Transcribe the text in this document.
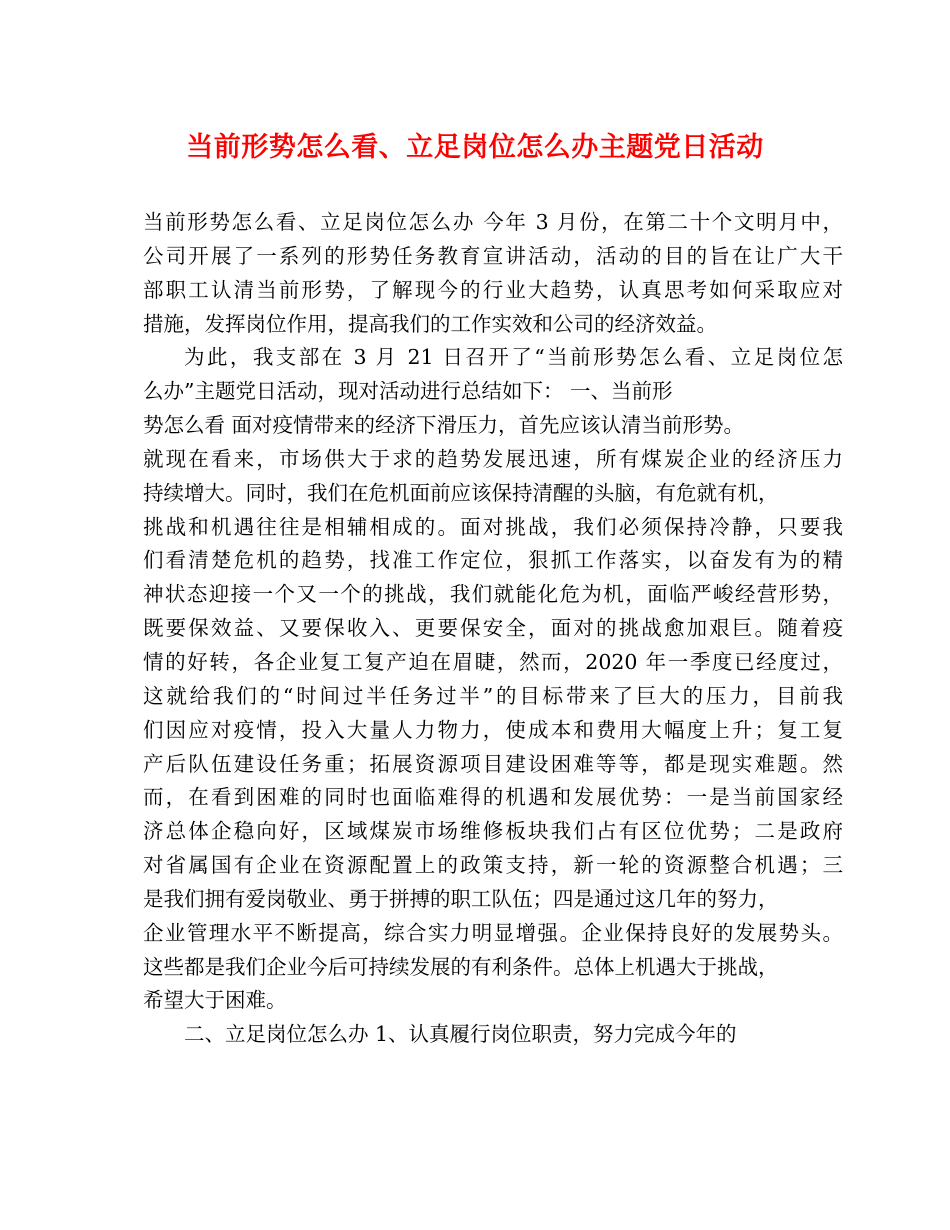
当前形势怎么看、立足岗位怎么办主题党日活动
当前形势怎么看、立足岗位怎么办 今年 3 月份，在第二十个文明月中，
公司开展了一系列的形势任务教育宣讲活动，活动的目的旨在让广大干
部职工认清当前形势，了解现今的行业大趋势，认真思考如何采取应对
措施，发挥岗位作用，提高我们的工作实效和公司的经济效益。
为此，我支部在 3 月 21 日召开了“当前形势怎么看、立足岗位怎
么办”主题党日活动，现对活动进行总结如下： 一、当前形
势怎么看 面对疫情带来的经济下滑压力，首先应该认清当前形势。
就现在看来，市场供大于求的趋势发展迅速，所有煤炭企业的经济压力
持续增大。同时，我们在危机面前应该保持清醒的头脑，有危就有机，
挑战和机遇往往是相辅相成的。面对挑战，我们必须保持冷静，只要我
们看清楚危机的趋势，找准工作定位，狠抓工作落实，以奋发有为的精
神状态迎接一个又一个的挑战，我们就能化危为机，面临严峻经营形势，
既要保效益、又要保收入、更要保安全，面对的挑战愈加艰巨。随着疫
情的好转，各企业复工复产迫在眉睫，然而，2020 年一季度已经度过，
这就给我们的“时间过半任务过半”的目标带来了巨大的压力，目前我
们因应对疫情，投入大量人力物力，使成本和费用大幅度上升；复工复
产后队伍建设任务重；拓展资源项目建设困难等等，都是现实难题。然
而，在看到困难的同时也面临难得的机遇和发展优势：一是当前国家经
济总体企稳向好，区域煤炭市场维修板块我们占有区位优势；二是政府
对省属国有企业在资源配置上的政策支持，新一轮的资源整合机遇；三
是我们拥有爱岗敬业、勇于拼搏的职工队伍；四是通过这几年的努力，
企业管理水平不断提高，综合实力明显增强。企业保持良好的发展势头。
这些都是我们企业今后可持续发展的有利条件。总体上机遇大于挑战，
希望大于困难。
二、立足岗位怎么办 1、认真履行岗位职责，努力完成今年的
